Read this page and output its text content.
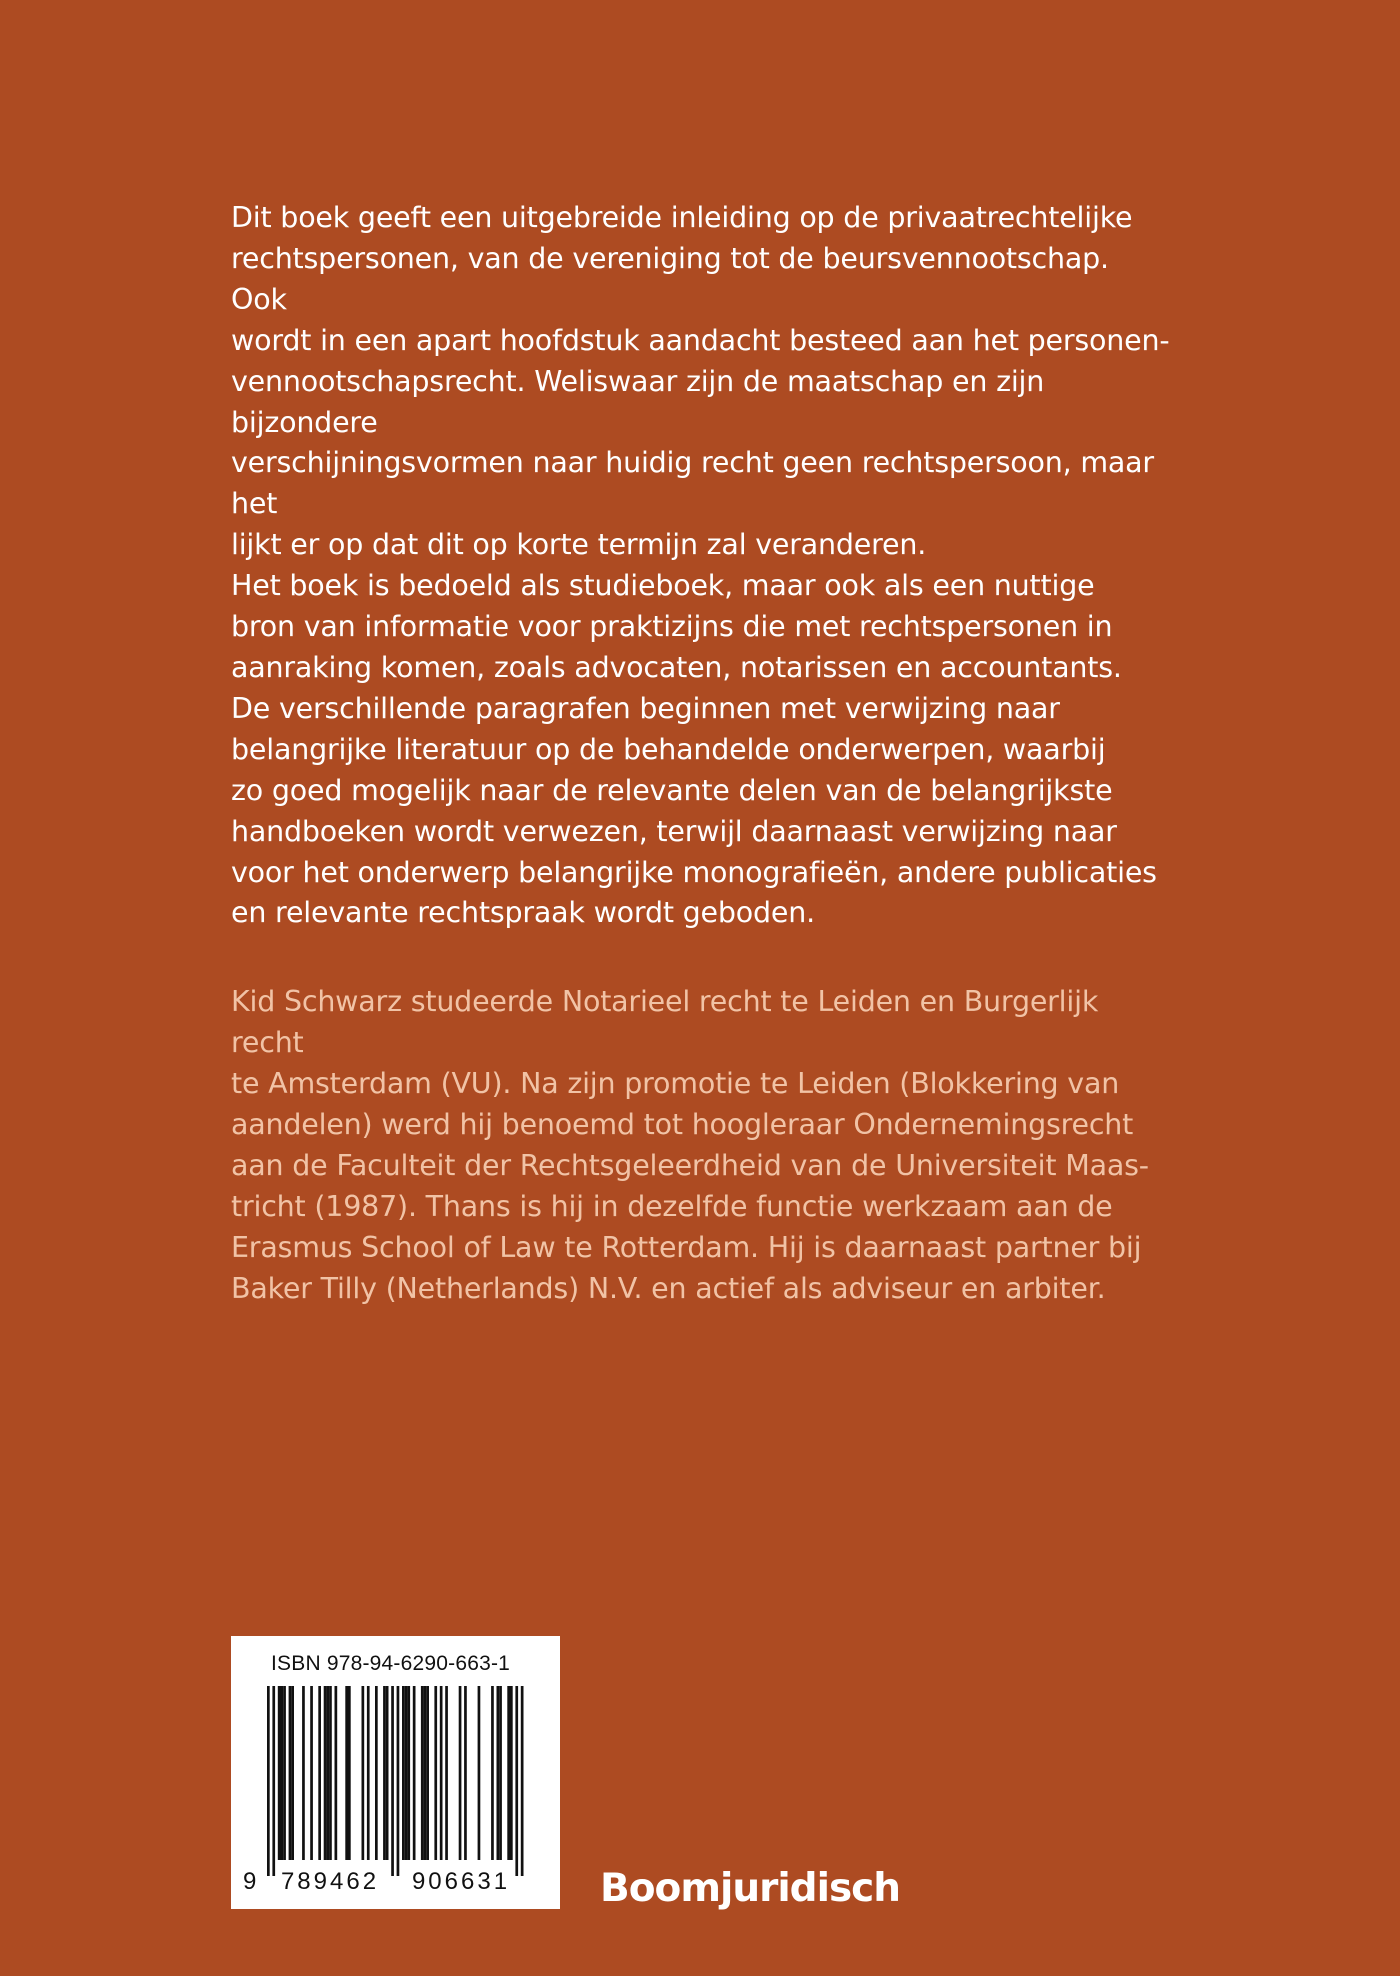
Dit boek geeft een uitgebreide inleiding op de privaatrechtelijke
rechtspersonen, van de vereniging tot de beursvennootschap. Ook
wordt in een apart hoofdstuk aandacht besteed aan het personen-
vennootschapsrecht. Weliswaar zijn de maatschap en zijn bijzondere
verschijningsvormen naar huidig recht geen rechtspersoon, maar het
lijkt er op dat dit op korte termijn zal veranderen.
Het boek is bedoeld als studieboek, maar ook als een nuttige
bron van informatie voor praktizijns die met rechtspersonen in
aanraking komen, zoals advocaten, notarissen en accountants.
De verschillende paragrafen beginnen met verwijzing naar
belangrijke literatuur op de behandelde onderwerpen, waarbij
zo goed mogelijk naar de relevante delen van de belangrijkste
handboeken wordt verwezen, terwijl daarnaast verwijzing naar
voor het onderwerp belangrijke monografieën, andere publicaties
en relevante rechtspraak wordt geboden.

Kid Schwarz studeerde Notarieel recht te Leiden en Burgerlijk recht
te Amsterdam (VU). Na zijn promotie te Leiden (Blokkering van
aandelen) werd hij benoemd tot hoogleraar Ondernemingsrecht
aan de Faculteit der Rechtsgeleerdheid van de Universiteit Maas-
tricht (1987). Thans is hij in dezelfde functie werkzaam aan de
Erasmus School of Law te Rotterdam. Hij is daarnaast partner bij
Baker Tilly (Netherlands) N.V. en actief als adviseur en arbiter.

ISBN 978-94-6290-663-1
9	789462	906631	Boomjuridisch
